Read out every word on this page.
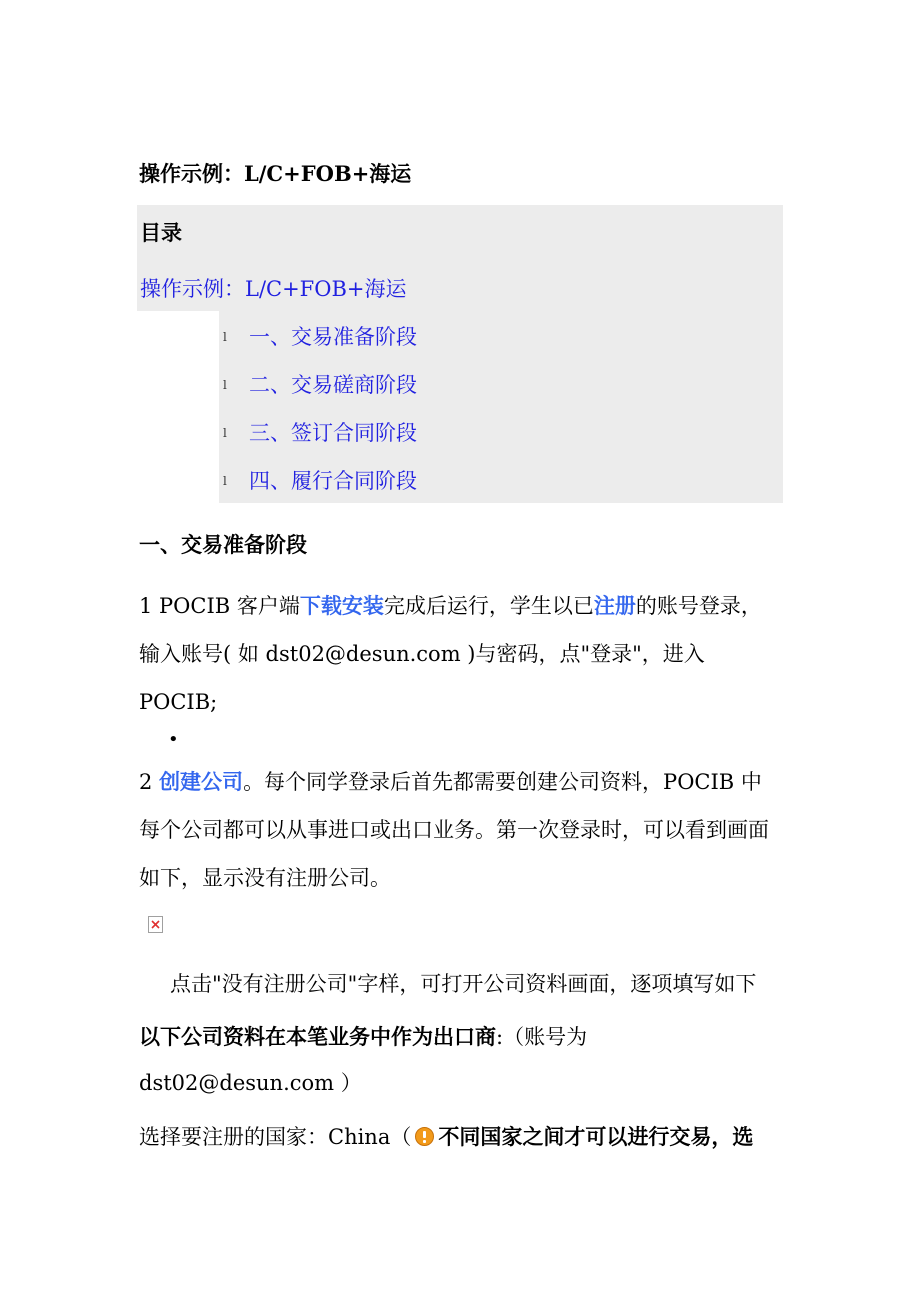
操作示例：L/C+FOB+海运
目录
操作示例：L/C+FOB+海运
l	一、交易准备阶段
l	二、交易磋商阶段
l	三、签订合同阶段
l	四、履行合同阶段
一、交易准备阶段

1 POCIB 客户端下载安装完成后运行，学生以已注册的账号登录，
输入账号( 如 dst02@desun.com )与密码，点"登录"，进入
POCIB;

•

2 创建公司。每个同学登录后首先都需要创建公司资料，POCIB 中
每个公司都可以从事进口或出口业务。第一次登录时，可以看到画面
如下，显示没有注册公司。

点击"没有注册公司"字样，可打开公司资料画面，逐项填写如下

以下公司资料在本笔业务中作为出口商:（账号为

dst02@desun.com ）

选择要注册的国家：China（ 不同国家之间才可以进行交易，选
